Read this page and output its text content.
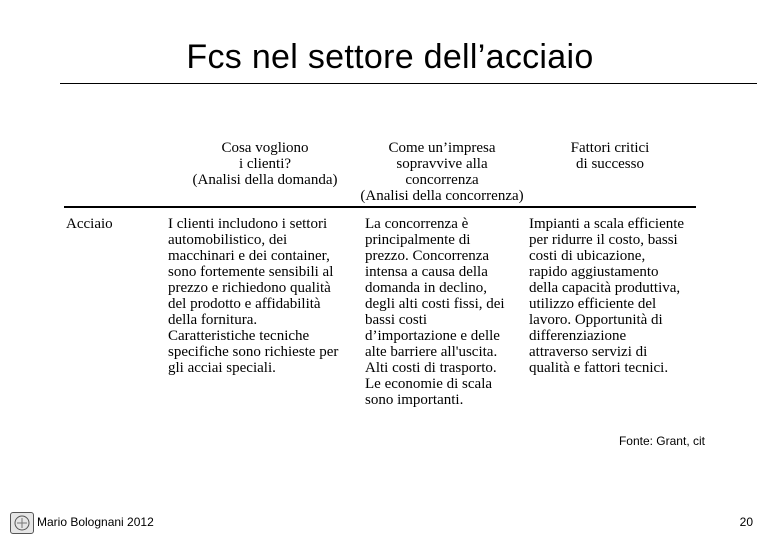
Fcs nel settore dell’acciaio
Cosa vogliono
i clienti?
(Analisi della domanda)
Come un’impresa
sopravvive alla
concorrenza
(Analisi della concorrenza)
Fattori critici
di successo
Acciaio	I clienti includono i settori
automobilistico, dei
macchinari e dei container,
sono fortemente sensibili al
prezzo e richiedono qualità
del prodotto e affidabilità
della fornitura.
Caratteristiche tecniche
specifiche sono richieste per
gli acciai speciali.
La concorrenza è
principalmente di
prezzo. Concorrenza
intensa a causa della
domanda in declino,
degli alti costi fissi, dei
bassi costi
d’importazione e delle
alte barriere all'uscita.
Alti costi di trasporto.
Le economie di scala
sono importanti.
Impianti a scala efficiente
per ridurre il costo, bassi
costi di ubicazione,
rapido aggiustamento
della capacità produttiva,
utilizzo efficiente del
lavoro. Opportunità di
differenziazione
attraverso servizi di
qualità e fattori tecnici.
Fonte: Grant, cit
Mario Bolognani 2012	20
